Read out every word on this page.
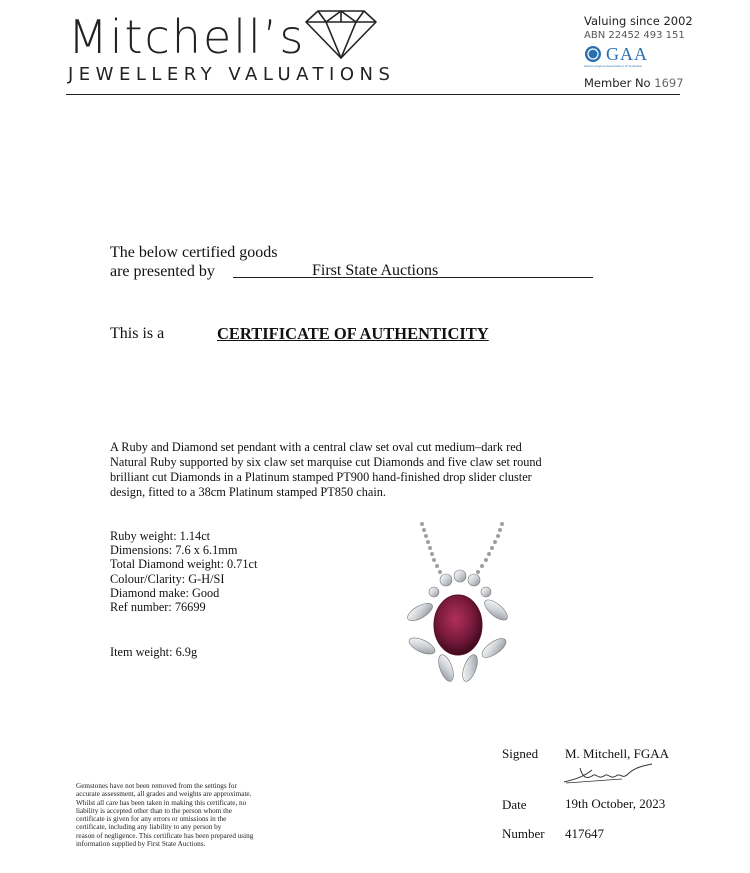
Mitchell’s
JEWELLERY VALUATIONS
Valuing since 2002
ABN 22452 493 151
GAA
Gemmological Association of Australia
Member No 1697
The below certified goods
are presented by	First State Auctions
This is a	CERTIFICATE OF AUTHENTICITY
A Ruby and Diamond set pendant with a central claw set oval cut medium–dark red
Natural Ruby supported by six claw set marquise cut Diamonds and five claw set round
brilliant cut Diamonds in a Platinum stamped PT900 hand-finished drop slider cluster
design, fitted to a 38cm Platinum stamped PT850 chain.
Ruby weight: 1.14ct
Dimensions: 7.6 x 6.1mm
Total Diamond weight: 0.71ct
Colour/Clarity: G-H/SI
Diamond make: Good
Ref number: 76699
Item weight: 6.9g
Signed M. Mitchell, FGAA
Date	19th October, 2023
Number 417647
Gemstones have not been removed from the settings for
accurate assessment, all grades and weights are approximate.
Whilst all care has been taken in making this certificate, no
liability is accepted other than to the person whom the
certificate is given for any errors or omissions in the
certificate, including any liability to any person by
reason of negligence. This certificate has been prepared using
information supplied by First State Auctions.
